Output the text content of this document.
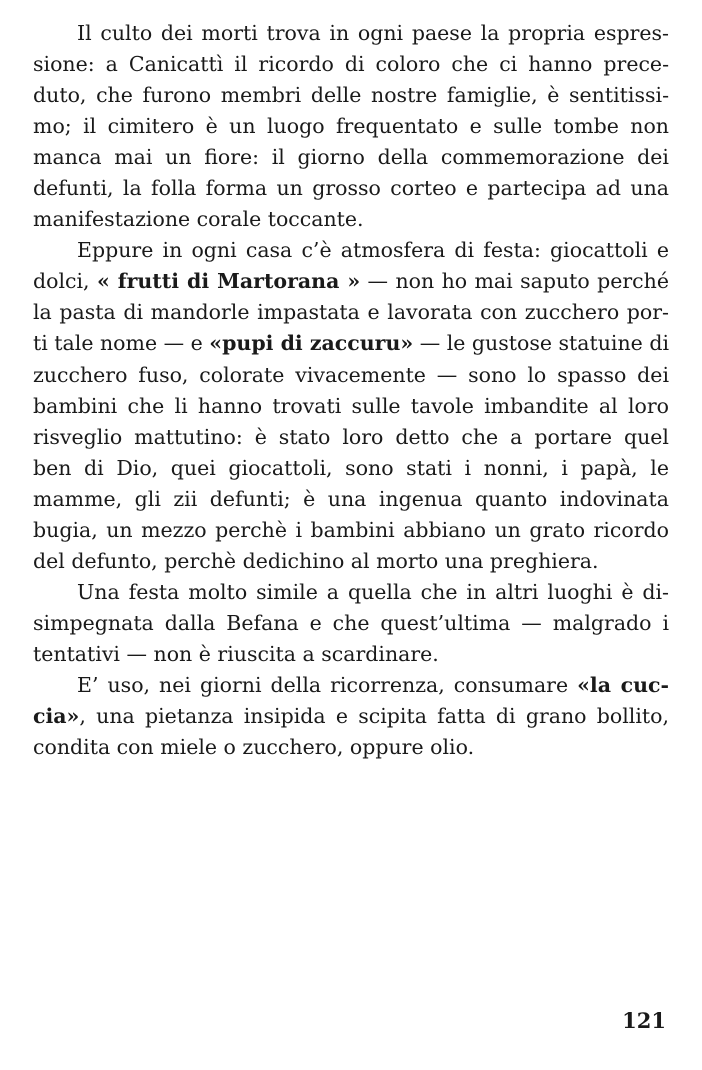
Il culto dei morti trova in ogni paese la propria espres-
sione: a Canicattì il ricordo di coloro che ci hanno prece-
duto, che furono membri delle nostre famiglie, è sentitissi-
mo; il cimitero è un luogo frequentato e sulle tombe non
manca mai un fiore: il giorno della commemorazione dei
defunti, la folla forma un grosso corteo e partecipa ad una
manifestazione corale toccante.
Eppure in ogni casa c’è atmosfera di festa: giocattoli e
dolci, « frutti di Martorana » — non ho mai saputo perché
la pasta di mandorle impastata e lavorata con zucchero por-
ti tale nome — e «pupi di zaccuru» — le gustose statuine di
zucchero fuso, colorate vivacemente — sono lo spasso dei
bambini che li hanno trovati sulle tavole imbandite al loro
risveglio mattutino: è stato loro detto che a portare quel
ben di Dio, quei giocattoli, sono stati i nonni, i papà, le
mamme, gli zii defunti; è una ingenua quanto indovinata
bugia, un mezzo perchè i bambini abbiano un grato ricordo
del defunto, perchè dedichino al morto una preghiera.
Una festa molto simile a quella che in altri luoghi è di-
simpegnata dalla Befana e che quest’ultima — malgrado i
tentativi — non è riuscita a scardinare.
E’ uso, nei giorni della ricorrenza, consumare «la cuc-
cia», una pietanza insipida e scipita fatta di grano bollito,
condita con miele o zucchero, oppure olio.
121
